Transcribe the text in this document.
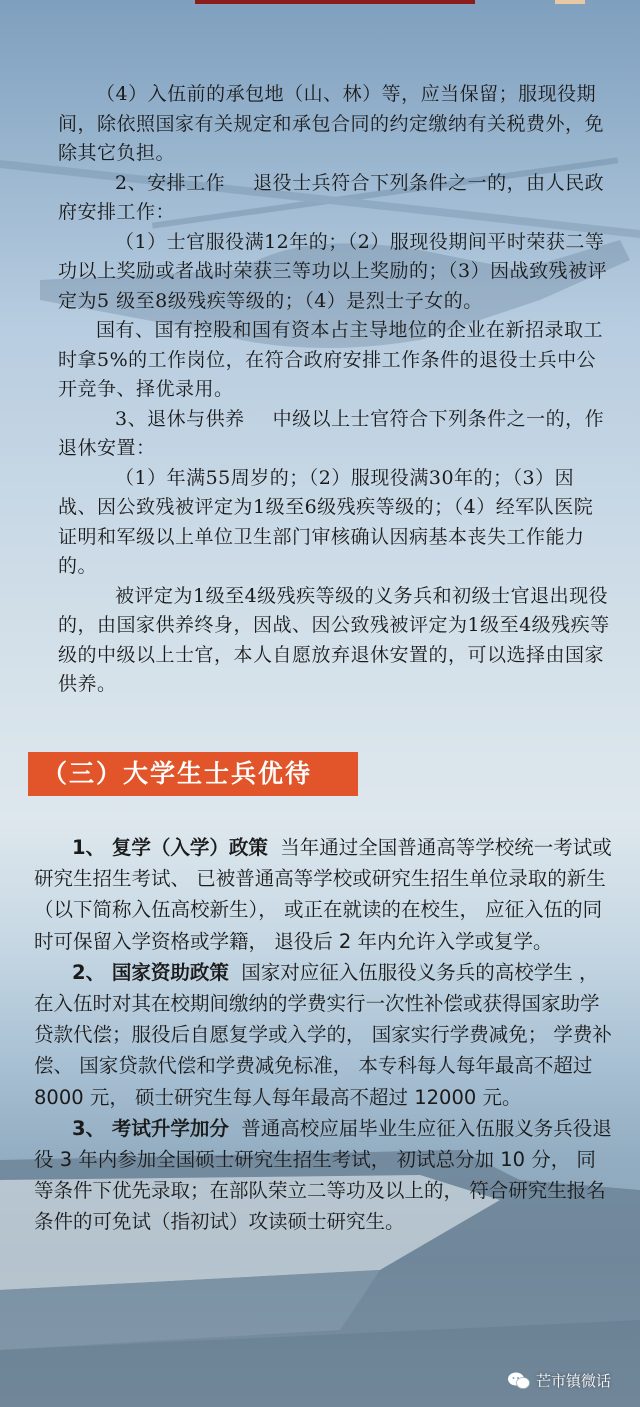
（4）入伍前的承包地（山、林）等，应当保留；服现役期间，除依照国家有关规定和承包合同的约定缴纳有关税费外，免除其它负担。

2、安排工作 退役士兵符合下列条件之一的，由人民政府安排工作：

（1）士官服役满12年的；（2）服现役期间平时荣获二等功以上奖励或者战时荣获三等功以上奖励的；（3）因战致残被评定为5 级至8级残疾等级的；（4）是烈士子女的。

国有、国有控股和国有资本占主导地位的企业在新招录取工时拿5%的工作岗位，在符合政府安排工作条件的退役士兵中公开竞争、择优录用。

3、退休与供养 中级以上士官符合下列条件之一的，作退休安置：

（1）年满55周岁的；（2）服现役满30年的；（3）因战、因公致残被评定为1级至6级残疾等级的；（4）经军队医院证明和军级以上单位卫生部门审核确认因病基本丧失工作能力的。

被评定为1级至4级残疾等级的义务兵和初级士官退出现役的，由国家供养终身，因战、因公致残被评定为1级至4级残疾等级的中级以上士官，本人自愿放弃退休安置的，可以选择由国家供养。

（三）大学生士兵优待

1、 复学（入学）政策 当年通过全国普通高等学校统一考试或研究生招生考试、 已被普通高等学校或研究生招生单位录取的新生（以下简称入伍高校新生）， 或正在就读的在校生， 应征入伍的同时可保留入学资格或学籍， 退役后 2 年内允许入学或复学。

2、 国家资助政策 国家对应征入伍服役义务兵的高校学生 ，在入伍时对其在校期间缴纳的学费实行一次性补偿或获得国家助学贷款代偿；服役后自愿复学或入学的， 国家实行学费减免； 学费补偿、 国家贷款代偿和学费减免标准， 本专科每人每年最高不超过 8000 元， 硕士研究生每人每年最高不超过 12000 元。

3、 考试升学加分 普通高校应届毕业生应征入伍服义务兵役退役 3 年内参加全国硕士研究生招生考试， 初试总分加 10 分， 同等条件下优先录取；在部队荣立二等功及以上的， 符合研究生报名条件的可免试（指初试）攻读硕士研究生。

芒市镇微话
